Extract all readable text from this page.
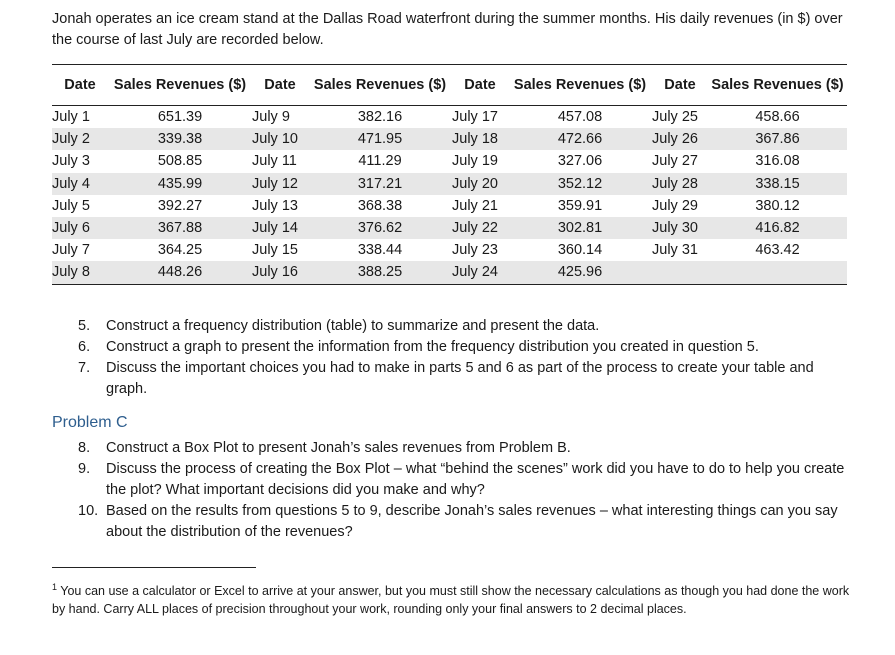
Jonah operates an ice cream stand at the Dallas Road waterfront during the summer months. His daily revenues (in $) over the course of last July are recorded below.
Date	Sales Revenues ($)	Date	Sales Revenues ($)	Date	Sales Revenues ($)	Date	Sales Revenues ($)
July 1	651.39	July 9	382.16	July 17	457.08	July 25	458.66
July 2	339.38	July 10	471.95	July 18	472.66	July 26	367.86
July 3	508.85	July 11	411.29	July 19	327.06	July 27	316.08
July 4	435.99	July 12	317.21	July 20	352.12	July 28	338.15
July 5	392.27	July 13	368.38	July 21	359.91	July 29	380.12
July 6	367.88	July 14	376.62	July 22	302.81	July 30	416.82
July 7	364.25	July 15	338.44	July 23	360.14	July 31	463.42
July 8	448.26	July 16	388.25	July 24	425.96		
5.	Construct a frequency distribution (table) to summarize and present the data.
6.	Construct a graph to present the information from the frequency distribution you created in question 5.
7.	Discuss the important choices you had to make in parts 5 and 6 as part of the process to create your table and graph.
Problem C
8.	Construct a Box Plot to present Jonah’s sales revenues from Problem B.
9.	Discuss the process of creating the Box Plot – what “behind the scenes” work did you have to do to help you create the plot? What important decisions did you make and why?
10. Based on the results from questions 5 to 9, describe Jonah’s sales revenues – what interesting things can you say about the distribution of the revenues?
$^1$ You can use a calculator or Excel to arrive at your answer, but you must still show the necessary calculations as though you had done the work by hand. Carry ALL places of precision throughout your work, rounding only your final answers to 2 decimal places.
